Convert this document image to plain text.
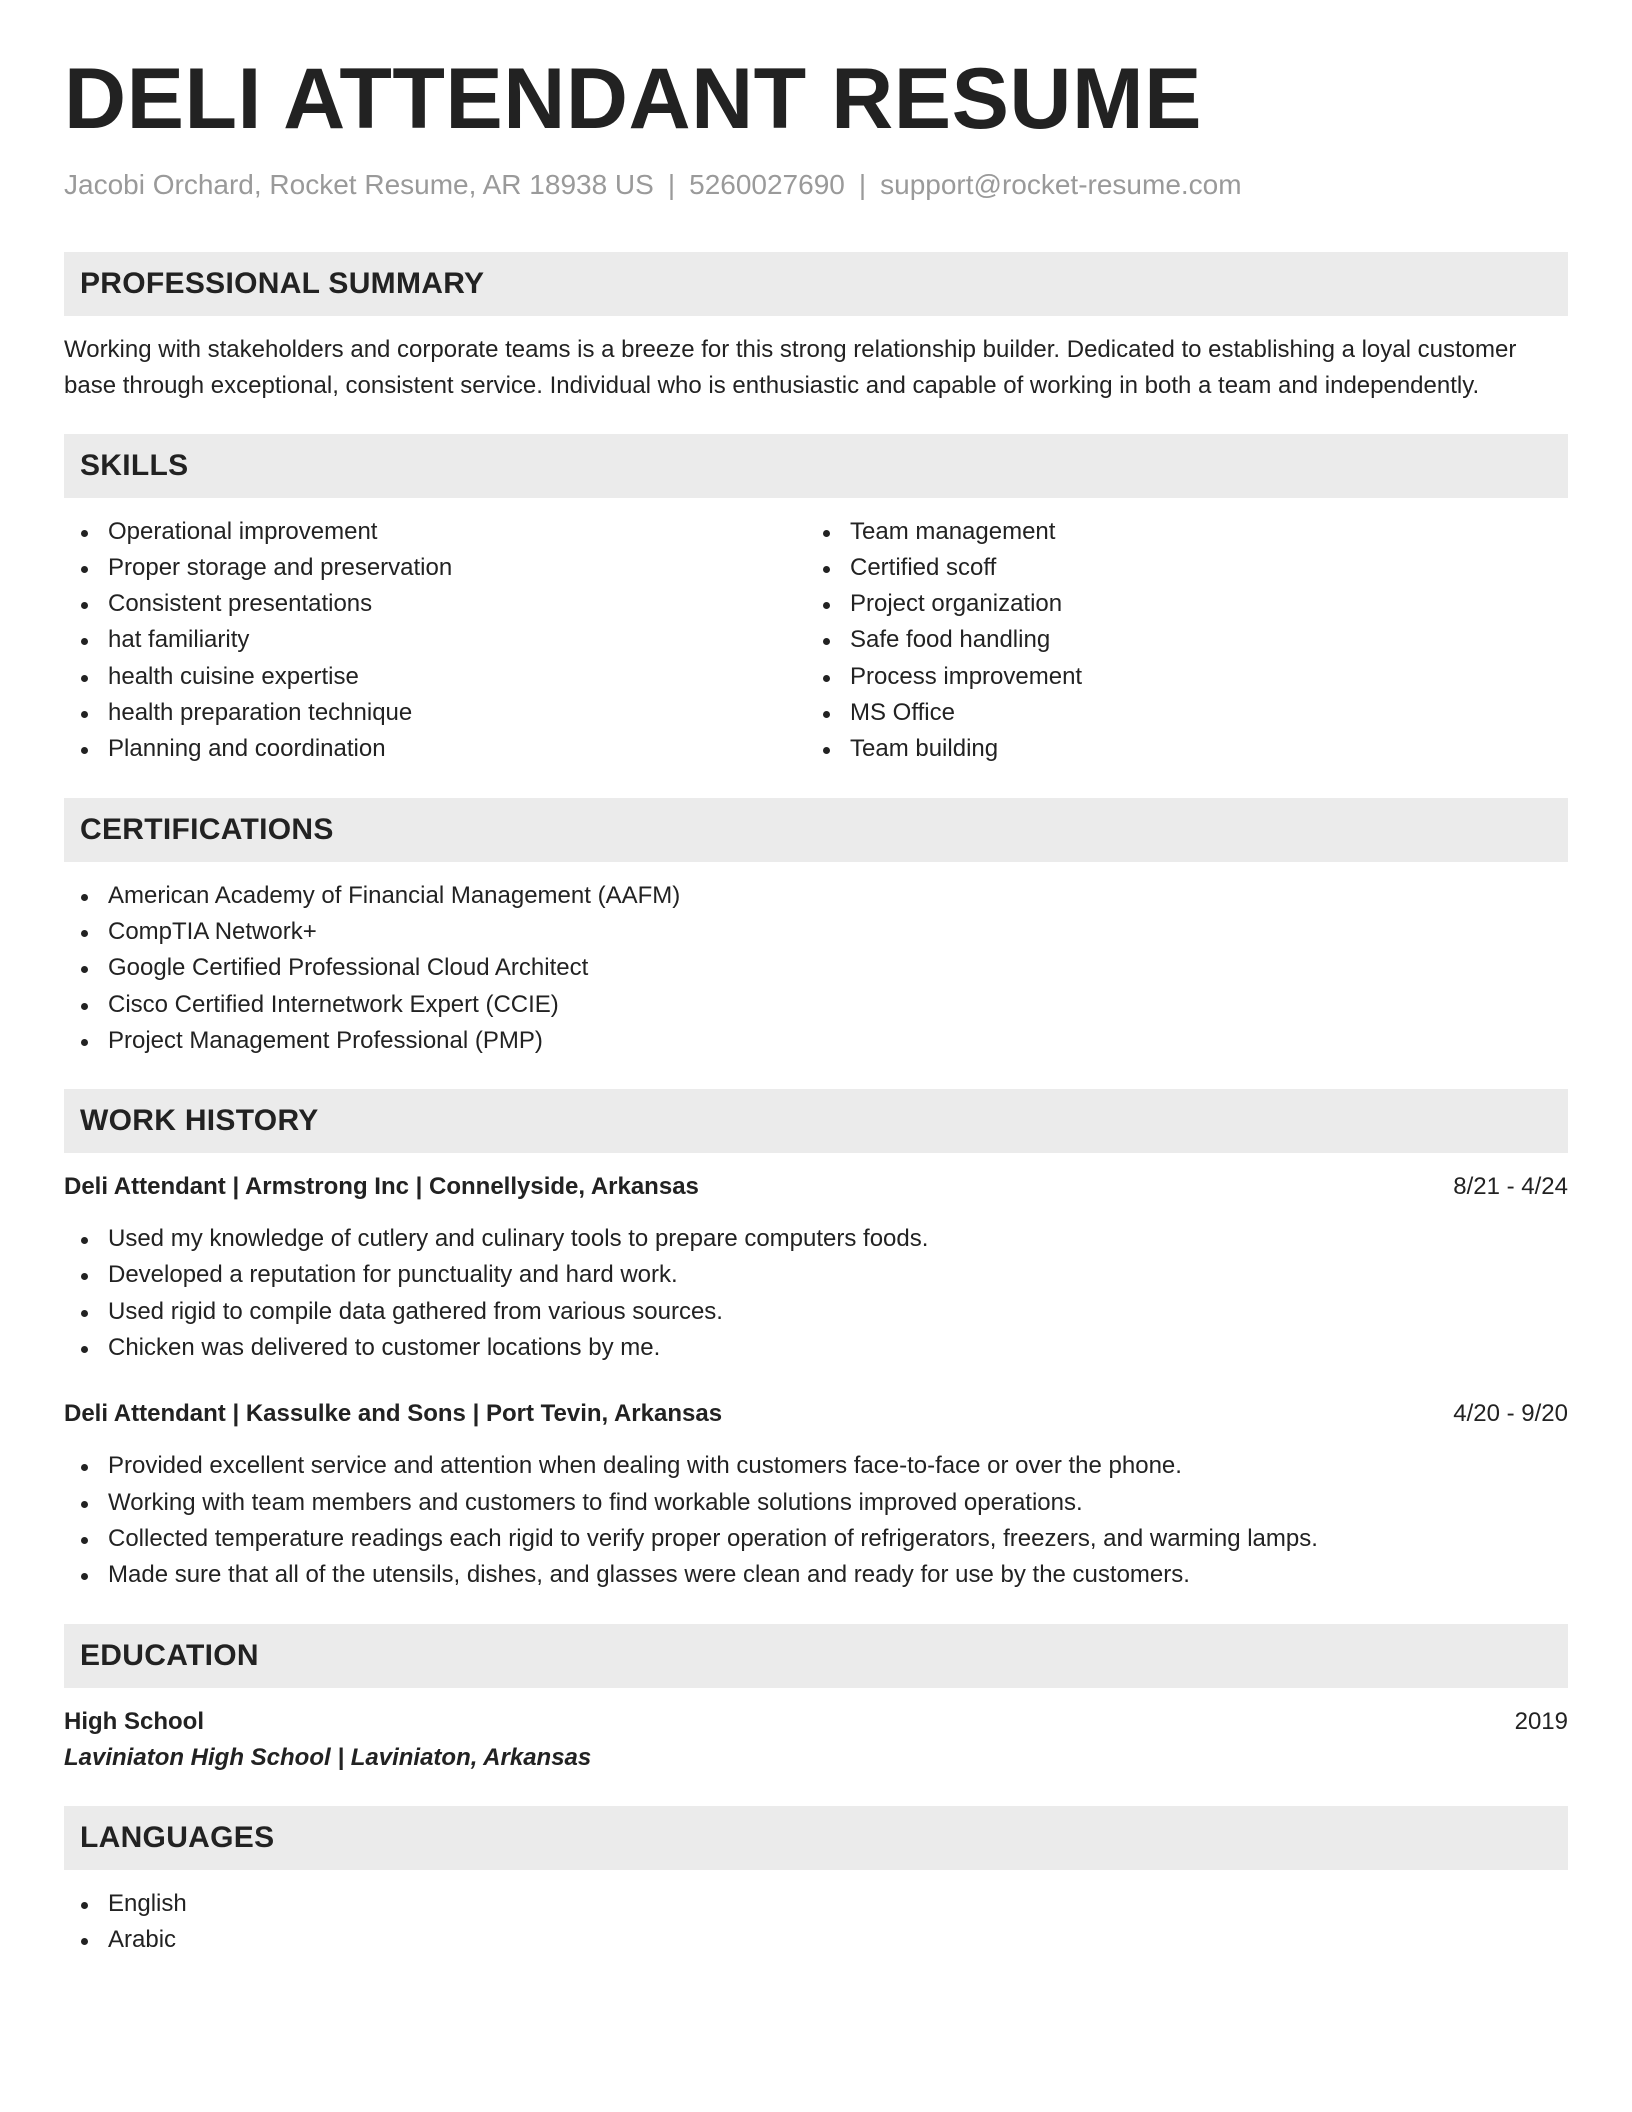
DELI ATTENDANT RESUME
Jacobi Orchard, Rocket Resume, AR 18938 US | 5260027690 | support@rocket-resume.com
PROFESSIONAL SUMMARY
Working with stakeholders and corporate teams is a breeze for this strong relationship builder. Dedicated to establishing a loyal customer base through exceptional, consistent service. Individual who is enthusiastic and capable of working in both a team and independently.
SKILLS
Operational improvement
Proper storage and preservation
Consistent presentations
hat familiarity
health cuisine expertise
health preparation technique
Planning and coordination
Team management
Certified scoff
Project organization
Safe food handling
Process improvement
MS Office
Team building
CERTIFICATIONS
American Academy of Financial Management (AAFM)
CompTIA Network+
Google Certified Professional Cloud Architect
Cisco Certified Internetwork Expert (CCIE)
Project Management Professional (PMP)
WORK HISTORY
Deli Attendant | Armstrong Inc | Connellyside, Arkansas	8/21 - 4/24
Used my knowledge of cutlery and culinary tools to prepare computers foods.
Developed a reputation for punctuality and hard work.
Used rigid to compile data gathered from various sources.
Chicken was delivered to customer locations by me.
Deli Attendant | Kassulke and Sons | Port Tevin, Arkansas	4/20 - 9/20
Provided excellent service and attention when dealing with customers face-to-face or over the phone.
Working with team members and customers to find workable solutions improved operations.
Collected temperature readings each rigid to verify proper operation of refrigerators, freezers, and warming lamps.
Made sure that all of the utensils, dishes, and glasses were clean and ready for use by the customers.
EDUCATION
High School	2019
Laviniaton High School | Laviniaton, Arkansas
LANGUAGES
English
Arabic
